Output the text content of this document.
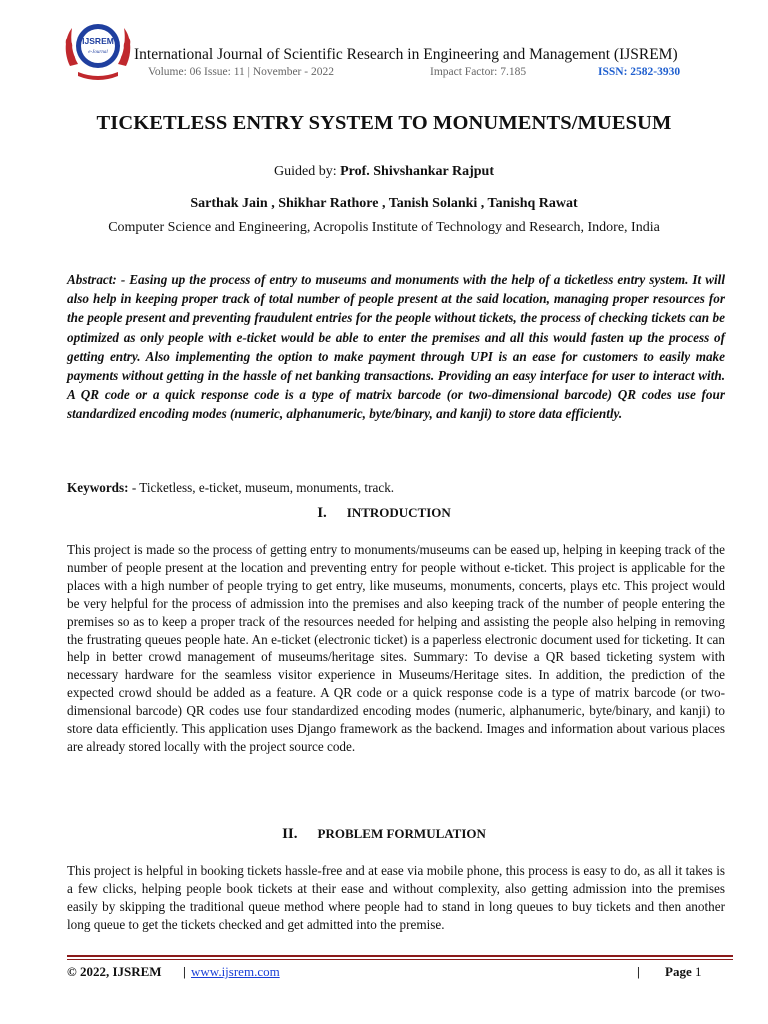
IJSREM
e-Journal International Journal of Scientific Research in Engineering and Management (IJSREM)
Volume: 06 Issue: 11 | November - 2022	Impact Factor: 7.185	ISSN: 2582-3930
TICKETLESS ENTRY SYSTEM TO MONUMENTS/MUESUM
Guided by: Prof. Shivshankar Rajput
Sarthak Jain , Shikhar Rathore , Tanish Solanki , Tanishq Rawat
Computer Science and Engineering, Acropolis Institute of Technology and Research, Indore, India
Abstract: - Easing up the process of entry to museums and monuments with the help of a ticketless entry system. It will also help in keeping proper track of total number of people present at the said location, managing proper resources for the people present and preventing fraudulent entries for the people without tickets, the process of checking tickets can be optimized as only people with e-ticket would be able to enter the premises and all this would fasten up the process of getting entry. Also implementing the option to make payment through UPI is an ease for customers to easily make payments without getting in the hassle of net banking transactions. Providing an easy interface for user to interact with. A QR code or a quick response code is a type of matrix barcode (or two-dimensional barcode) QR codes use four standardized encoding modes (numeric, alphanumeric, byte/binary, and kanji) to store data efficiently.
Keywords: - Ticketless, e-ticket, museum, monuments, track.
I. INTRODUCTION
This project is made so the process of getting entry to monuments/museums can be eased up, helping in keeping track of the number of people present at the location and preventing entry for people without e-ticket. This project is applicable for the places with a high number of people trying to get entry, like museums, monuments, concerts, plays etc. This project would be very helpful for the process of admission into the premises and also keeping track of the number of people entering the premises so as to keep a proper track of the resources needed for helping and assisting the people also helping in removing the frustrating queues people hate. An e-ticket (electronic ticket) is a paperless electronic document used for ticketing. It can help in better crowd management of museums/heritage sites. Summary: To devise a QR based ticketing system with necessary hardware for the seamless visitor experience in Museums/Heritage sites. In addition, the prediction of the expected crowd should be added as a feature. A QR code or a quick response code is a type of matrix barcode (or two-dimensional barcode) QR codes use four standardized encoding modes (numeric, alphanumeric, byte/binary, and kanji) to store data efficiently. This application uses Django framework as the backend. Images and information about various places are already stored locally with the project source code.
II. PROBLEM FORMULATION
This project is helpful in booking tickets hassle-free and at ease via mobile phone, this process is easy to do, as all it takes is a few clicks, helping people book tickets at their ease and without complexity, also getting admission into the premises easily by skipping the traditional queue method where people had to stand in long queues to buy tickets and then another long queue to get the tickets checked and get admitted into the premise.
© 2022, IJSREM | www.ijsrem.com	| Page 1
